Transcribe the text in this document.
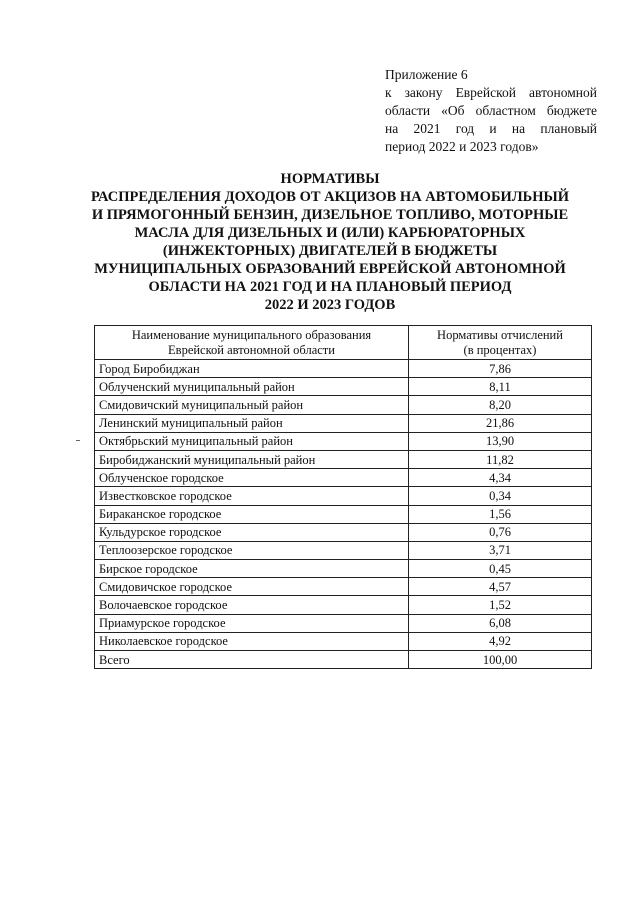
Приложение 6
к закону Еврейской автономной
области «Об областном бюджете
на 2021 год и на плановый
период 2022 и 2023 годов»
НОРМАТИВЫ
РАСПРЕДЕЛЕНИЯ ДОХОДОВ ОТ АКЦИЗОВ НА АВТОМОБИЛЬНЫЙ
И ПРЯМОГОННЫЙ БЕНЗИН, ДИЗЕЛЬНОЕ ТОПЛИВО, МОТОРНЫЕ
МАСЛА ДЛЯ ДИЗЕЛЬНЫХ И (ИЛИ) КАРБЮРАТОРНЫХ
(ИНЖЕКТОРНЫХ) ДВИГАТЕЛЕЙ В БЮДЖЕТЫ
МУНИЦИПАЛЬНЫХ ОБРАЗОВАНИЙ ЕВРЕЙСКОЙ АВТОНОМНОЙ
ОБЛАСТИ НА 2021 ГОД И НА ПЛАНОВЫЙ ПЕРИОД
2022 И 2023 ГОДОВ
Наименование муниципального образования
Еврейской автономной области	Нормативы отчислений
(в процентах)
Город Биробиджан	7,86
Облученский муниципальный район	8,11
Смидовичский муниципальный район	8,20
Ленинский муниципальный район	21,86
Октябрьский муниципальный район	13,90
Биробиджанский муниципальный район	11,82
Облученское городское	4,34
Известковское городское	0,34
Бираканское городское	1,56
Кульдурское городское	0,76
Теплоозерское городское	3,71
Бирское городское	0,45
Смидовичское городское	4,57
Волочаевское городское	1,52
Приамурское городское	6,08
Николаевское городское	4,92
Всего	100,00
